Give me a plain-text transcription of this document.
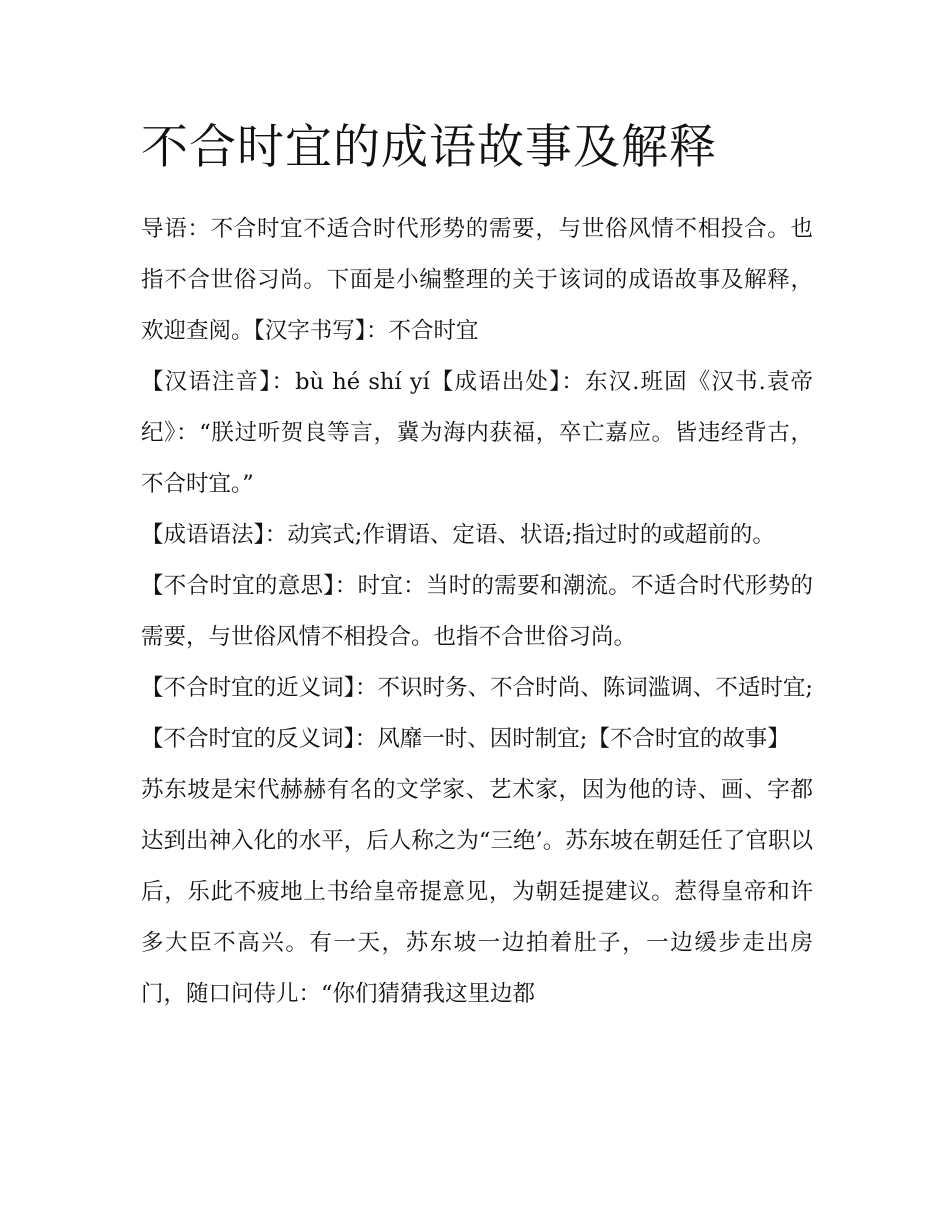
不合时宜的成语故事及解释

导语：不合时宜不适合时代形势的需要，与世俗风情不相投合。也指不合世俗习尚。下面是小编整理的关于该词的成语故事及解释，欢迎查阅。【汉字书写】：不合时宜

【汉语注音】：bù hé shí yí【成语出处】：东汉.班固《汉书.袁帝纪》：“朕过听贺良等言，冀为海内获福，卒亡嘉应。皆违经背古，不合时宜。”

【成语语法】：动宾式;作谓语、定语、状语;指过时的或超前的。

【不合时宜的意思】：时宜：当时的需要和潮流。不适合时代形势的需要，与世俗风情不相投合。也指不合世俗习尚。

【不合时宜的近义词】：不识时务、不合时尚、陈词滥调、不适时宜;【不合时宜的反义词】：风靡一时、因时制宜;【不合时宜的故事】

苏东坡是宋代赫赫有名的文学家、艺术家，因为他的诗、画、字都达到出神入化的水平，后人称之为“三绝’。苏东坡在朝廷任了官职以后，乐此不疲地上书给皇帝提意见，为朝廷提建议。惹得皇帝和许多大臣不高兴。有一天，苏东坡一边拍着肚子，一边缓步走出房门，随口问侍儿：“你们猜猜我这里边都
